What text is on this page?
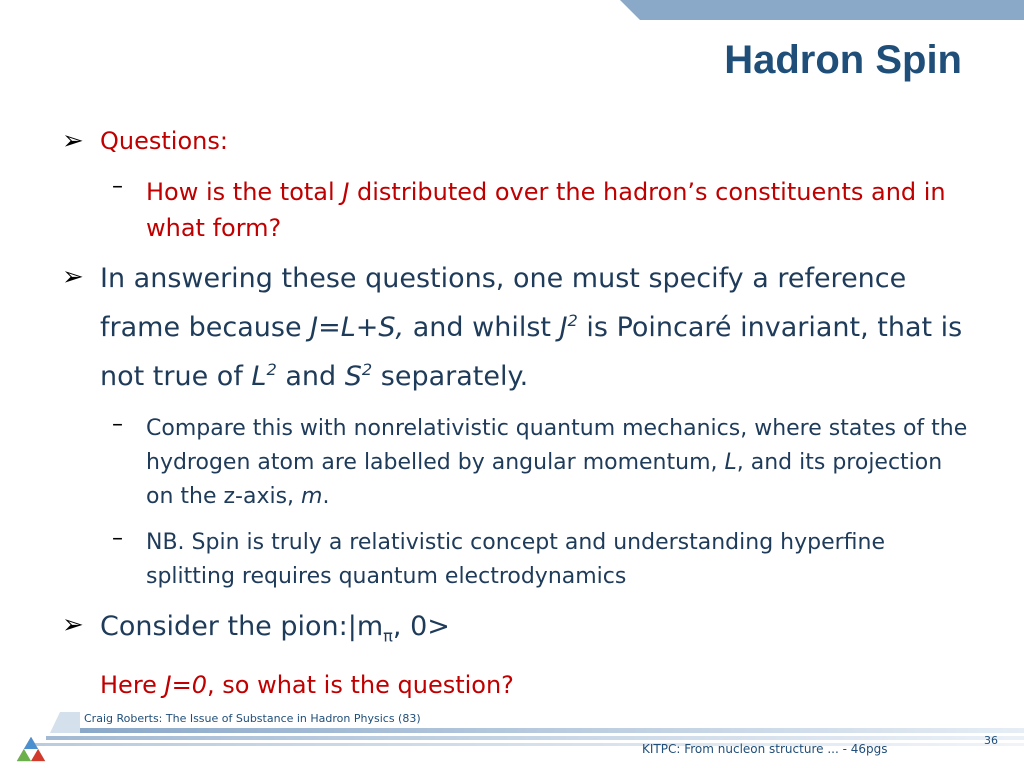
Hadron Spin
➢ Questions:
– How is the total J distributed over the hadron’s constituents and in what form?
➢ In answering these questions, one must specify a reference frame because J=L+S, and whilst $J^2$ is Poincaré invariant, that is not true of $L^2$ and $S^2$ separately.
– Compare this with nonrelativistic quantum mechanics, where states of the hydrogen atom are labelled by angular momentum, L, and its projection on the z-axis, m.
– NB. Spin is truly a relativistic concept and understanding hyperfine splitting requires quantum electrodynamics
➢ Consider the $pion:|m_\pi$, 0>
Here J=0, so what is the question?
Craig Roberts: The Issue of Substance in Hadron Physics (83)
KITPC: From nucleon structure ... - 46pgs
36
